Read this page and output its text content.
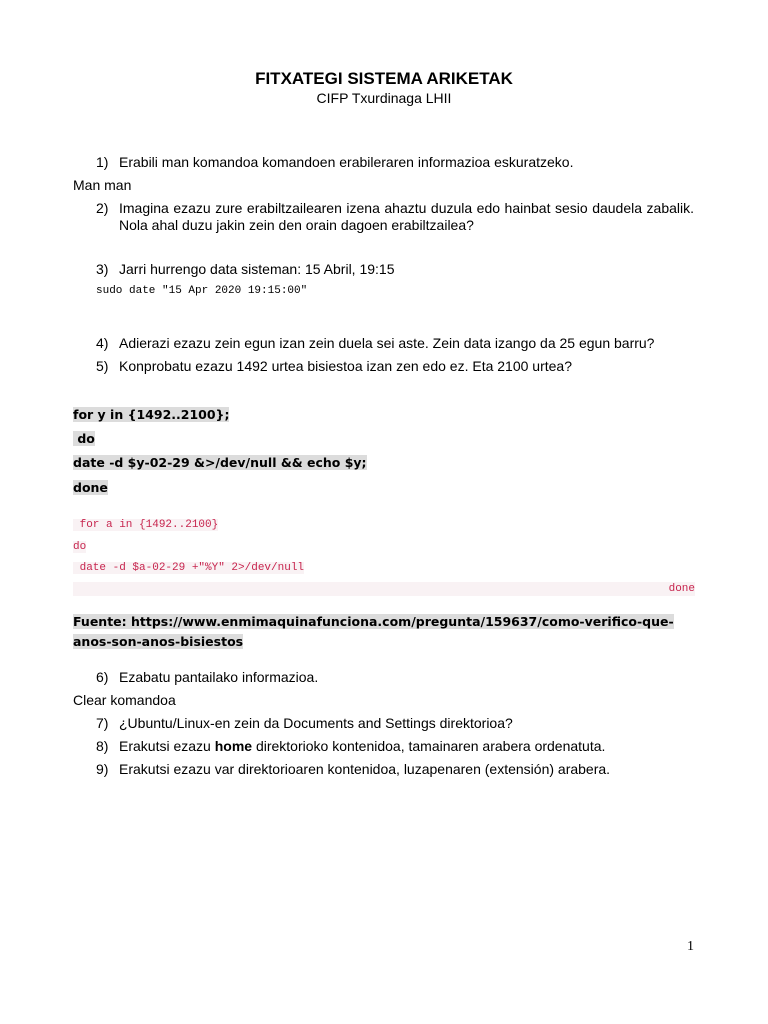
FITXATEGI SISTEMA ARIKETAK
CIFP Txurdinaga LHII
1) Erabili man komandoa komandoen erabileraren informazioa eskuratzeko.
Man man
2) Imagina ezazu zure erabiltzailearen izena ahaztu duzula edo hainbat sesio daudela zabalik. Nola ahal duzu jakin zein den orain dagoen erabiltzailea?
3) Jarri hurrengo data sisteman: 15 Abril, 19:15
sudo date "15 Apr 2020 19:15:00"
4) Adierazi ezazu zein egun izan zein duela sei aste. Zein data izango da 25 egun barru?
5) Konprobatu ezazu 1492 urtea bisiestoa izan zen edo ez. Eta 2100 urtea?
for y in {1492..2100};
do
date -d $y-02-29 &>/dev/null && echo $y;
done
for a in {1492..2100}
do
date -d $a-02-29 +"%Y" 2>/dev/null
done
Fuente: https://www.enmimaquinafunciona.com/pregunta/159637/como-verifico-que-anos-son-anos-bisiestos
6) Ezabatu pantailako informazioa.
Clear komandoa
7) ¿Ubuntu/Linux-en zein da Documents and Settings direktorioa?
8) Erakutsi ezazu home direktorioko kontenidoa, tamainaren arabera ordenatuta.
9) Erakutsi ezazu var direktorioaren kontenidoa, luzapenaren (extensión) arabera.
1
